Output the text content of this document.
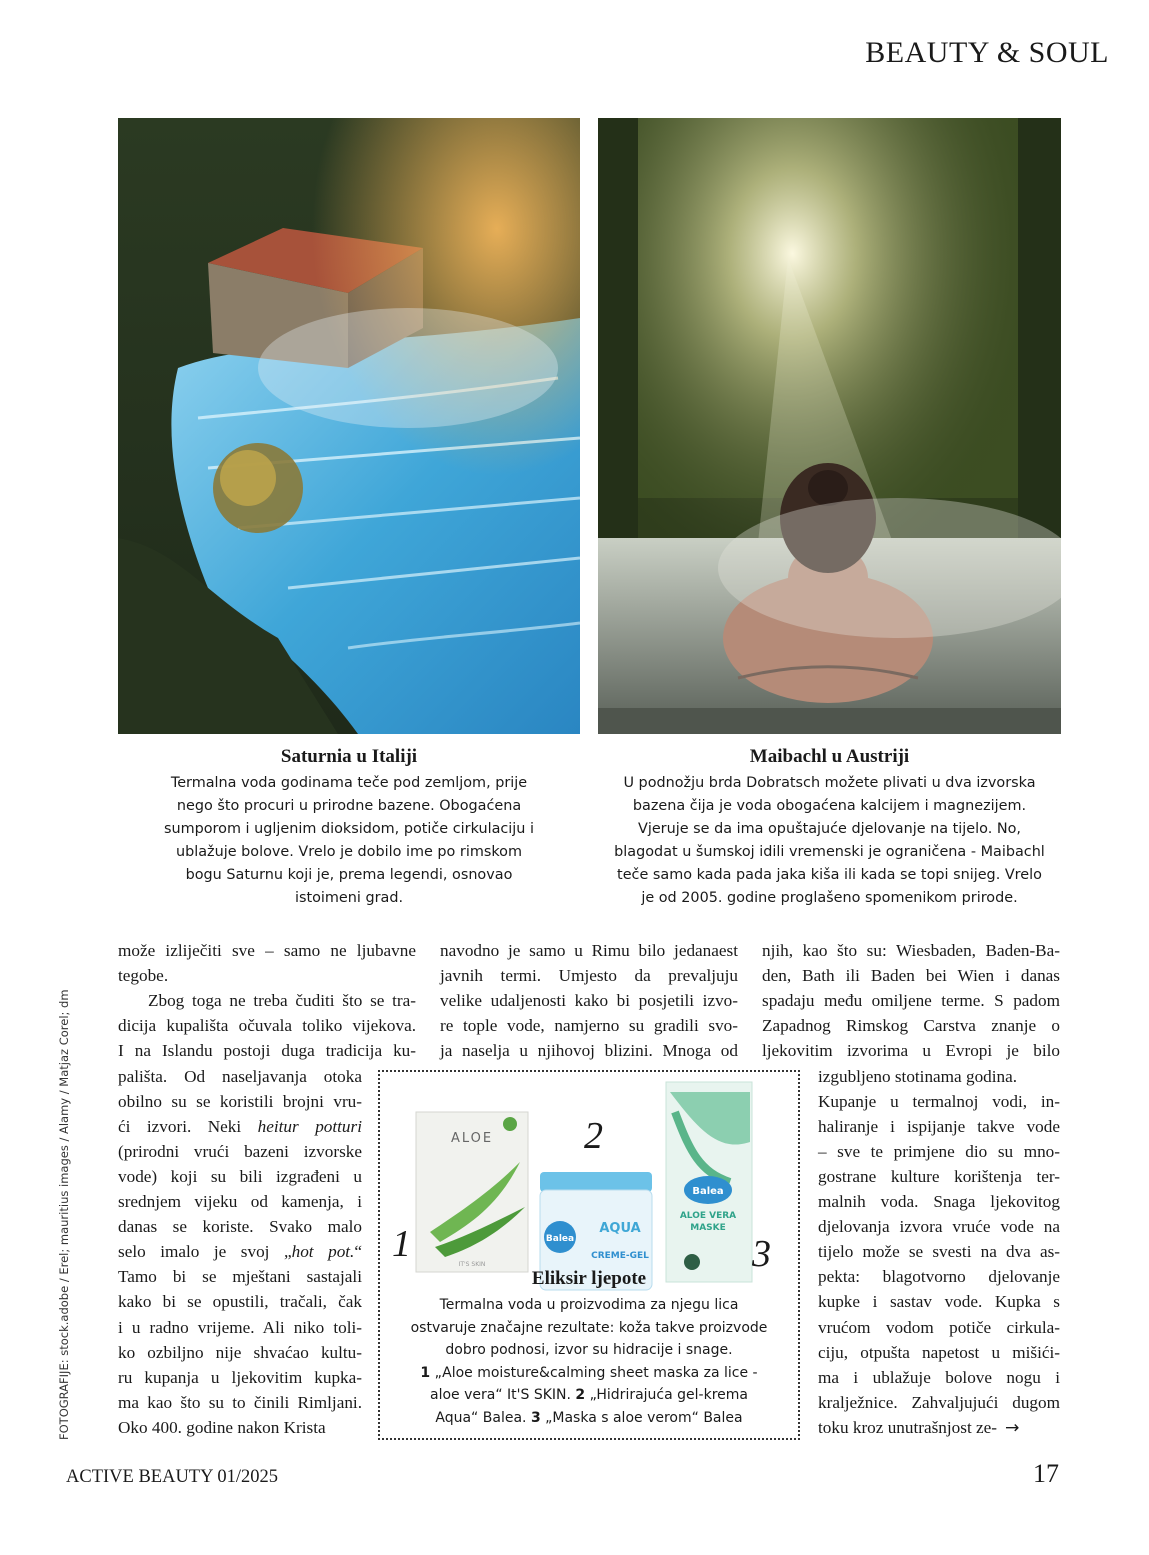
BEAUTY & SOUL
Saturnia u Italiji
Termalna voda godinama teče pod zemljom, prije
nego što procuri u prirodne bazene. Obogaćena
sumporom i ugljenim dioksidom, potiče cirkulaciju i
ublažuje bolove. Vrelo je dobilo ime po rimskom
bogu Saturnu koji je, prema legendi, osnovao
istoimeni grad.
Maibachl u Austriji
U podnožju brda Dobratsch možete plivati u dva izvorska
bazena čija je voda obogaćena kalcijem i magnezijem.
Vjeruje se da ima opuštajuće djelovanje na tijelo. No,
blagodat u šumskoj idili vremenski je ograničena - Maibachl
teče samo kada pada jaka kiša ili kada se topi snijeg. Vrelo
je od 2005. godine proglašeno spomenikom prirode.
FOTOGRAFIJE: stock.adobe / Erel; mauritius images / Alamy / Matjaz Corel; dm
može izliječiti sve – samo ne ljubavne
tegobe.
Zbog toga ne treba čuditi što se tra-
dicija kupališta očuvala toliko vijekova.
I na Islandu postoji duga tradicija ku-
pališta. Od naseljavanja otoka
obilno su se koristili brojni vru-
ći izvori. Neki heitur potturi
(prirodni vrući bazeni izvorske
vode) koji su bili izgrađeni u
srednjem vijeku od kamenja, i
danas se koriste. Svako malo
selo imalo je svoj „hot pot.“
Tamo bi se mještani sastajali
kako bi se opustili, tračali, čak
i u radno vrijeme. Ali niko toli-
ko ozbiljno nije shvaćao kultu-
ru kupanja u ljekovitim kupka-
ma kao što su to činili Rimljani.
Oko 400. godine nakon Krista
navodno je samo u Rimu bilo jedanaest
javnih termi. Umjesto da prevaljuju
velike udaljenosti kako bi posjetili izvo-
re tople vode, namjerno su gradili svo-
ja naselja u njihovoj blizini. Mnoga od
njih, kao što su: Wiesbaden, Baden-Ba-
den, Bath ili Baden bei Wien i danas
spadaju među omiljene terme. S padom
Zapadnog Rimskog Carstva znanje o
ljekovitim izvorima u Evropi je bilo
izgubljeno stotinama godina.
Kupanje u termalnoj vodi, in-
haliranje i ispijanje takve vode
– sve te primjene dio su mno-
gostrane kulture korištenja ter-
malnih voda. Snaga ljekovitog
djelovanja izvora vruće vode na
tijelo može se svesti na dva as-
pekta: blagotvorno djelovanje
kupke i sastav vode. Kupka s
vrućom vodom potiče cirkula-
ciju, otpušta napetost u mišići-
ma i ublažuje bolove nogu i
kralježnice. Zahvaljujući dugom
toku kroz unutrašnjost ze- →
ALOE
IT'S SKIN
Balea
AQUA
CREME-GEL
Balea
ALOE VERA
MASKE
1
2
3
Eliksir ljepote
Termalna voda u proizvodima za njegu lica
ostvaruje značajne rezultate: koža takve proizvode
dobro podnosi, izvor su hidracije i snage.
1 „Aloe moisture&calming sheet maska za lice -
aloe vera“ It'S SKIN. 2 „Hidrirajuća gel-krema
Aqua“ Balea. 3 „Maska s aloe verom“ Balea
ACTIVE BEAUTY 01/2025	17
